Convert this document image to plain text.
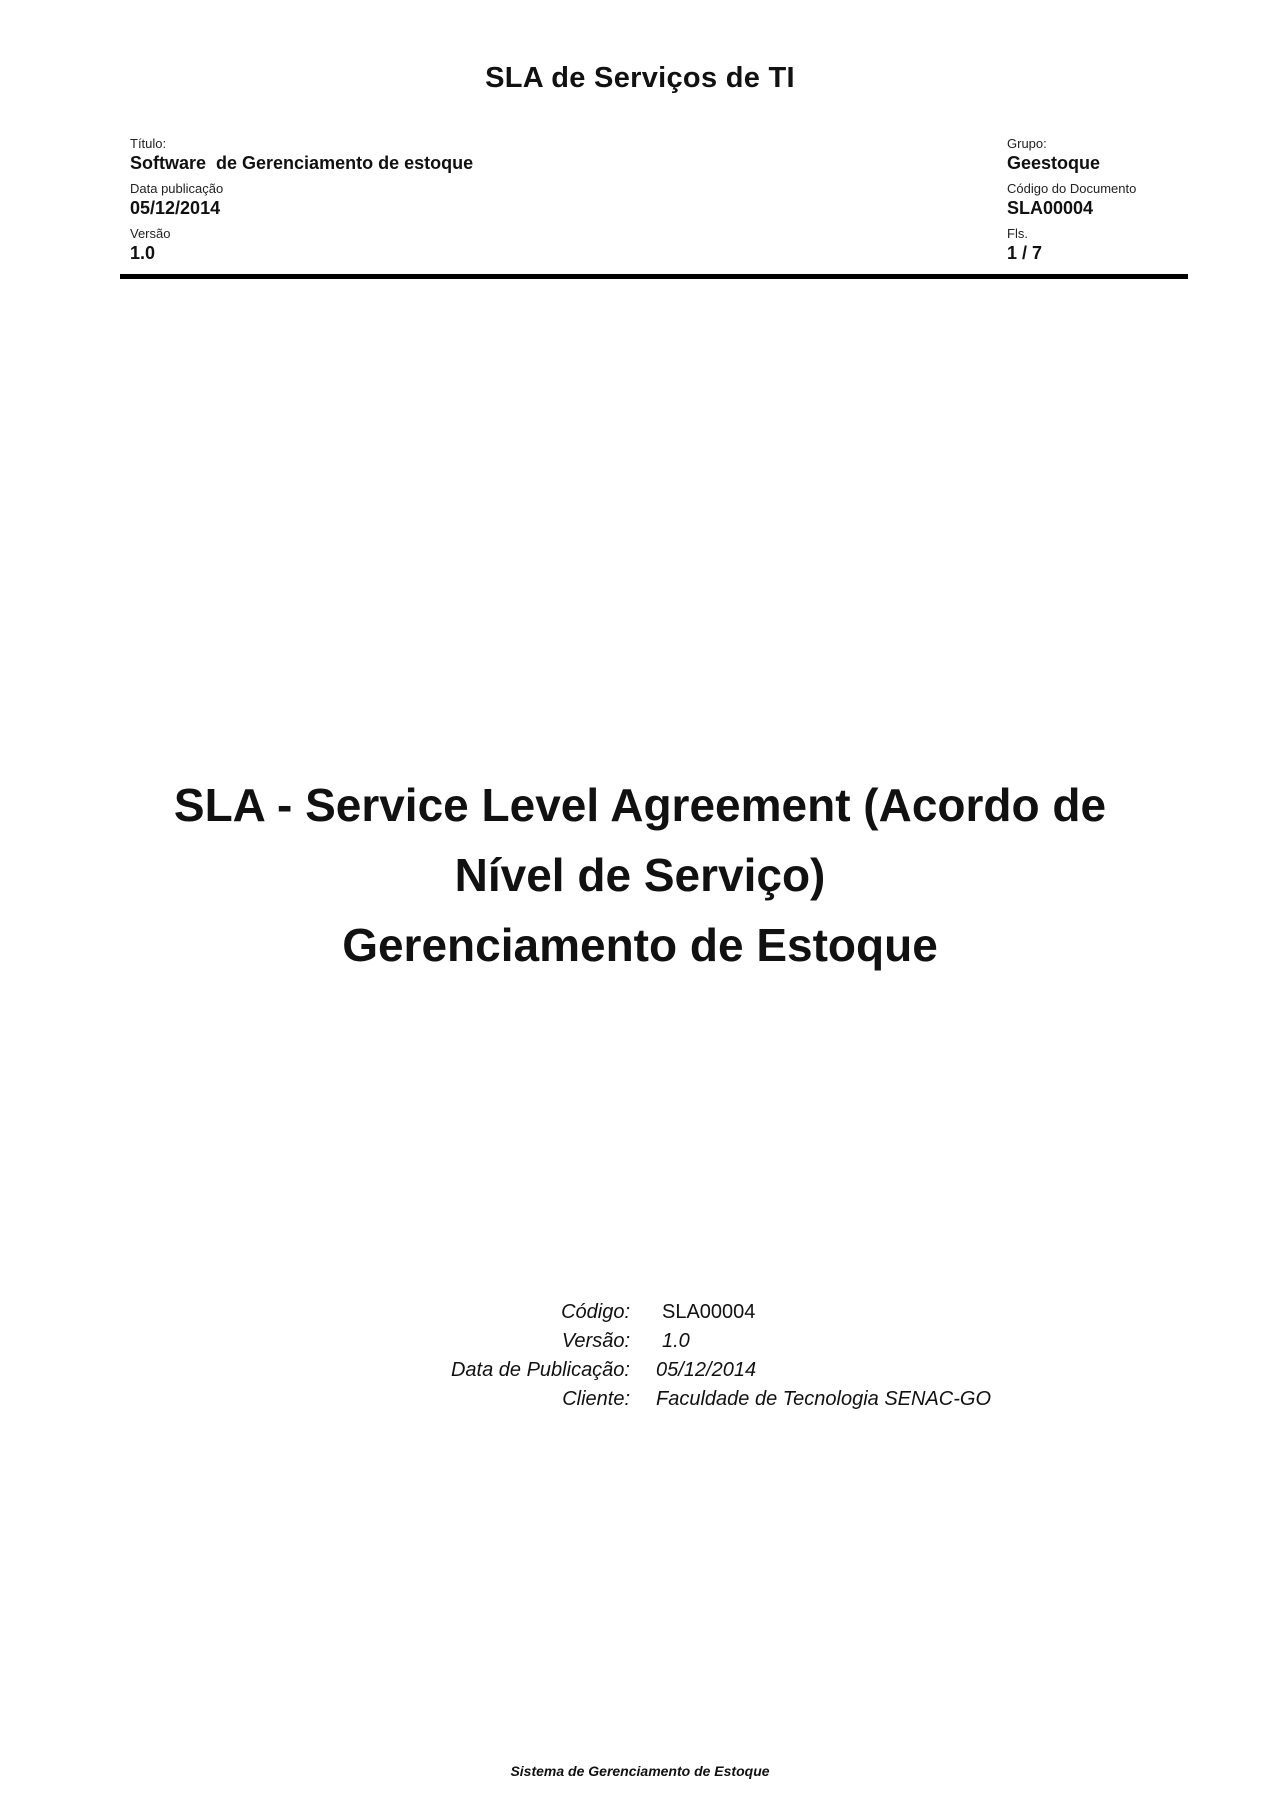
SLA de Serviços de TI
Título:
Software  de Gerenciamento de estoque
Data publicação
05/12/2014
Versão
1.0
Grupo:
Geestoque
Código do Documento
SLA00004
Fls.
1 / 7
SLA - Service Level Agreement (Acordo de
Nível de Serviço)
Gerenciamento de Estoque
Código: SLA00004
Versão: 1.0
Data de Publicação: 05/12/2014
Cliente: Faculdade de Tecnologia SENAC-GO
Sistema de Gerenciamento de Estoque
